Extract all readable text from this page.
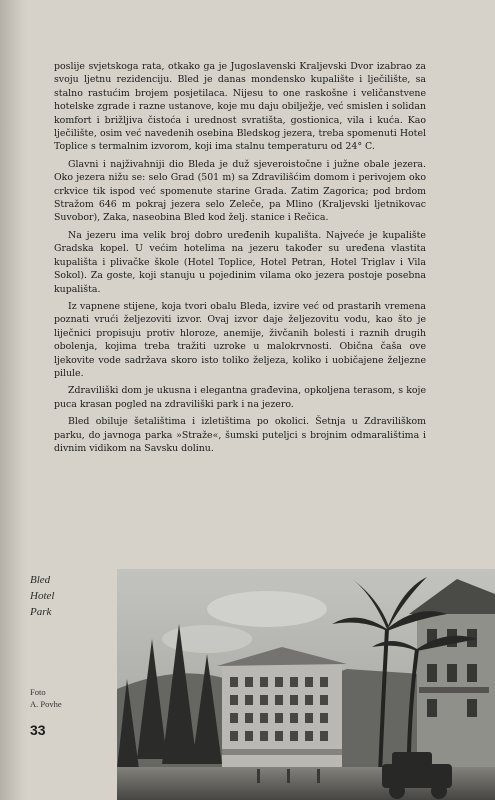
poslije svjetskoga rata, otkako ga je Jugoslavenski Kraljevski Dvor izabrao za svoju ljetnu rezidenciju. Bled je danas mondensko kupalište i lječilište, sa stalno rastućim brojem posjetilaca. Nijesu to one raskošne i veličanstvene hotelske zgrade i razne ustanove, koje mu daju obilježje, već smislen i solidan komfort i brižljiva čistoća i urednost svratišta, gostionica, vila i kuća. Kao lječilište, osim već navedenih osebina Bledskog jezera, treba spomenuti Hotel Toplice s termalnim izvorom, koji ima stalnu temperaturu od 24° C.

Glavni i najživahniji dio Bleda je duž sjeveroistočne i južne obale jezera. Oko jezera nižu se: selo Grad (501 m) sa Zdravilišćim domom i perivojem oko crkvice tik ispod već spomenute starine Grada. Zatim Zagorica; pod brdom Stražom 646 m pokraj jezera selo Zeleče, pa Mlino (Kraljevski ljetnikovac Suvobor), Zaka, naseobina Bled kod želj. stanice i Rečica.

Na jezeru ima velik broj dobro uređenih kupališta. Najveće je kupalište Gradska kopel. U većim hotelima na jezeru također su uređena vlastita kupališta i plivačke škole (Hotel Toplice, Hotel Petran, Hotel Triglav i Vila Sokol). Za goste, koji stanuju u pojedinim vilama oko jezera postoje posebna kupališta.

Iz vapnene stijene, koja tvori obalu Bleda, izvire već od prastarih vremena poznati vrući željezoviti izvor. Ovaj izvor daje željezovitu vodu, kao što je liječnici propisuju protiv hloroze, anemije, živčanih bolesti i raznih drugih obolenja, kojima treba tražiti uzroke u malokrvnosti. Obična čaša ove ljekovite vode sadržava skoro isto toliko željeza, koliko i uobičajene željezne pilule.

Zdraviliški dom je ukusna i elegantna građevina, opkoljena terasom, s koje puca krasan pogled na zdraviliški park i na jezero.

Bled obiluje šetalištima i izletištima po okolici. Šetnja u Zdraviliškom parku, do javnoga parka »Straže«, šumski puteljci s brojnim odmaralištima i divnim vidikom na Savsku dolinu.

Bled
Hotel
Park
Foto
A. Povhe
33
